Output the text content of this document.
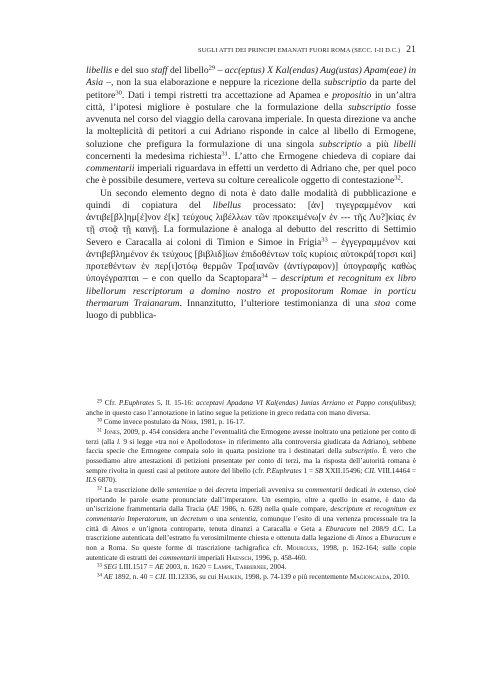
SUGLI ATTI DEI PRINCIPI EMANATI FUORI ROMA (SECC. I-II D.C.) 21

libellis e del suo staff del libello$^{29}$ – acc(eptus) X Kal(endas) Aug(ustas) Apam(eae) in Asia –, non la sua elaborazione e neppure la ricezione della subscriptio da parte del petitore$^{30}$. Dati i tempi ristretti tra accettazione ad Apamea e propositio in un’altra città, l’ipotesi migliore è postulare che la formulazione della subscriptio fosse avvenuta nel corso del viaggio della carovana imperiale. In questa direzione va anche la molteplicità di petitori a cui Adriano risponde in calce al libello di Ermogene, soluzione che prefigura la formulazione di una singola subscriptio a più libelli concernenti la medesima richiesta$^{31}$. L’atto che Ermogene chiedeva di copiare dai commentarii imperiali riguardava in effetti un verdetto di Adriano che, per quel poco che è possibile desumere, verteva su colture cerealicole oggetto di contestazione$^{32}$.

Un secondo elemento degno di nota è dato dalle modalità di pubblicazione e quindi di copiatura del libellus processato: [ἀν] τιγεγραμμένον καὶ ἀντιβε[βλ]ημ[έ]νον ἐ[κ] τεύχους λιβέλλων τῶν προκειμένω[ν ἐν --- τῆς Λυ?]κίας ἐν τῇ στοᾷ τῇ καινῇ. La formulazione è analoga al debutto del rescritto di Settimio Severo e Caracalla ai coloni di Timion e Simoe in Frigia$^{33}$ – ἐγγεγραμμένον καὶ ἀντιβεβλημένον ἐκ τεύχους [βιβλιδ]ίων ἐπιδοθέντων τοῖς κυρίοις αὐτοκρά[τορσι καὶ] προτεθέντων ἐν περ[ι]στόῳ θερμῶν Τρα[ιανῶν (ἀντίγραφον)] ὑπογραφῆς καθὼς ὑπογέγραπται – e con quello da Scaptopara$^{34}$ – descriptum et recognitum ex libro libellorum rescriptorum a domino nostro et propositorum Romae in porticu thermarum Traianarum. Innanzitutto, l’ulteriore testimonianza di una stoa come luogo di pubblica-

$^{29}$ Cfr. P.Euphrates 5, ll. 15-16: acceptavi Apadana VI Kal(endas) Iunias Arriano et Pappo cons(ulibus); anche in questo caso l’annotazione in latino segue la petizione in greco redatta con mano diversa.

$^{30}$ Come invece postulato da Nörr, 1981, p. 16-17.

$^{31}$ Jones, 2009, p. 454 considera anche l’eventualità che Ermogene avesse inoltrato una petizione per conto di terzi (alla l. 9 si legge «tra noi e Apollodotos» in riferimento alla controversia giudicata da Adriano), sebbene faccia specie che Ermogene compaia solo in quarta posizione tra i destinatari della subscriptio. È vero che possediamo altre attestazioni di petizioni presentate per conto di terzi, ma la risposta dell’autorità romana è sempre rivolta in questi casi al petitore autore del libello (cfr. P.Euphrates 1 = SB XXII.15496; CIL VIII.14464 = ILS 6870).

$^{32}$ La trascrizione delle sententiae o dei decreta imperiali avveniva su commentarii dedicati in extenso, cioè riportando le parole esatte pronunciate dall’imperatore. Un esempio, oltre a quello in esame, è dato da un’iscrizione frammentaria dalla Tracia (AE 1986, n. 628) nella quale compare, descriptum et recognitum ex commentario Imperatorum, un decretum o una sententia, comunque l’esito di una vertenza processuale tra la città di Ainos e un’ignota controparte, tenuta dinanzi a Caracalla e Geta a Eburacum nel 208/9 d.C. La trascrizione autenticata dell’estratto fu verosimilmente chiesta e ottenuta dalla legazione di Ainos a Eburacum e non a Roma. Su queste forme di trascrizione tachigrafica cfr. Mourgues, 1998, p. 162-164; sulle copie autenticate di estratti dei commentarii imperiali Haensch, 1996, p. 458-460.

$^{33}$ SEG LIII.1517 = AE 2003, n. 1620 = Lampe, Tabbernee, 2004.

$^{34}$ AE 1892, n. 40 = CIL III.12336, su cui Hauken, 1998, p. 74-139 e più recentemente Magioncalda, 2010.
